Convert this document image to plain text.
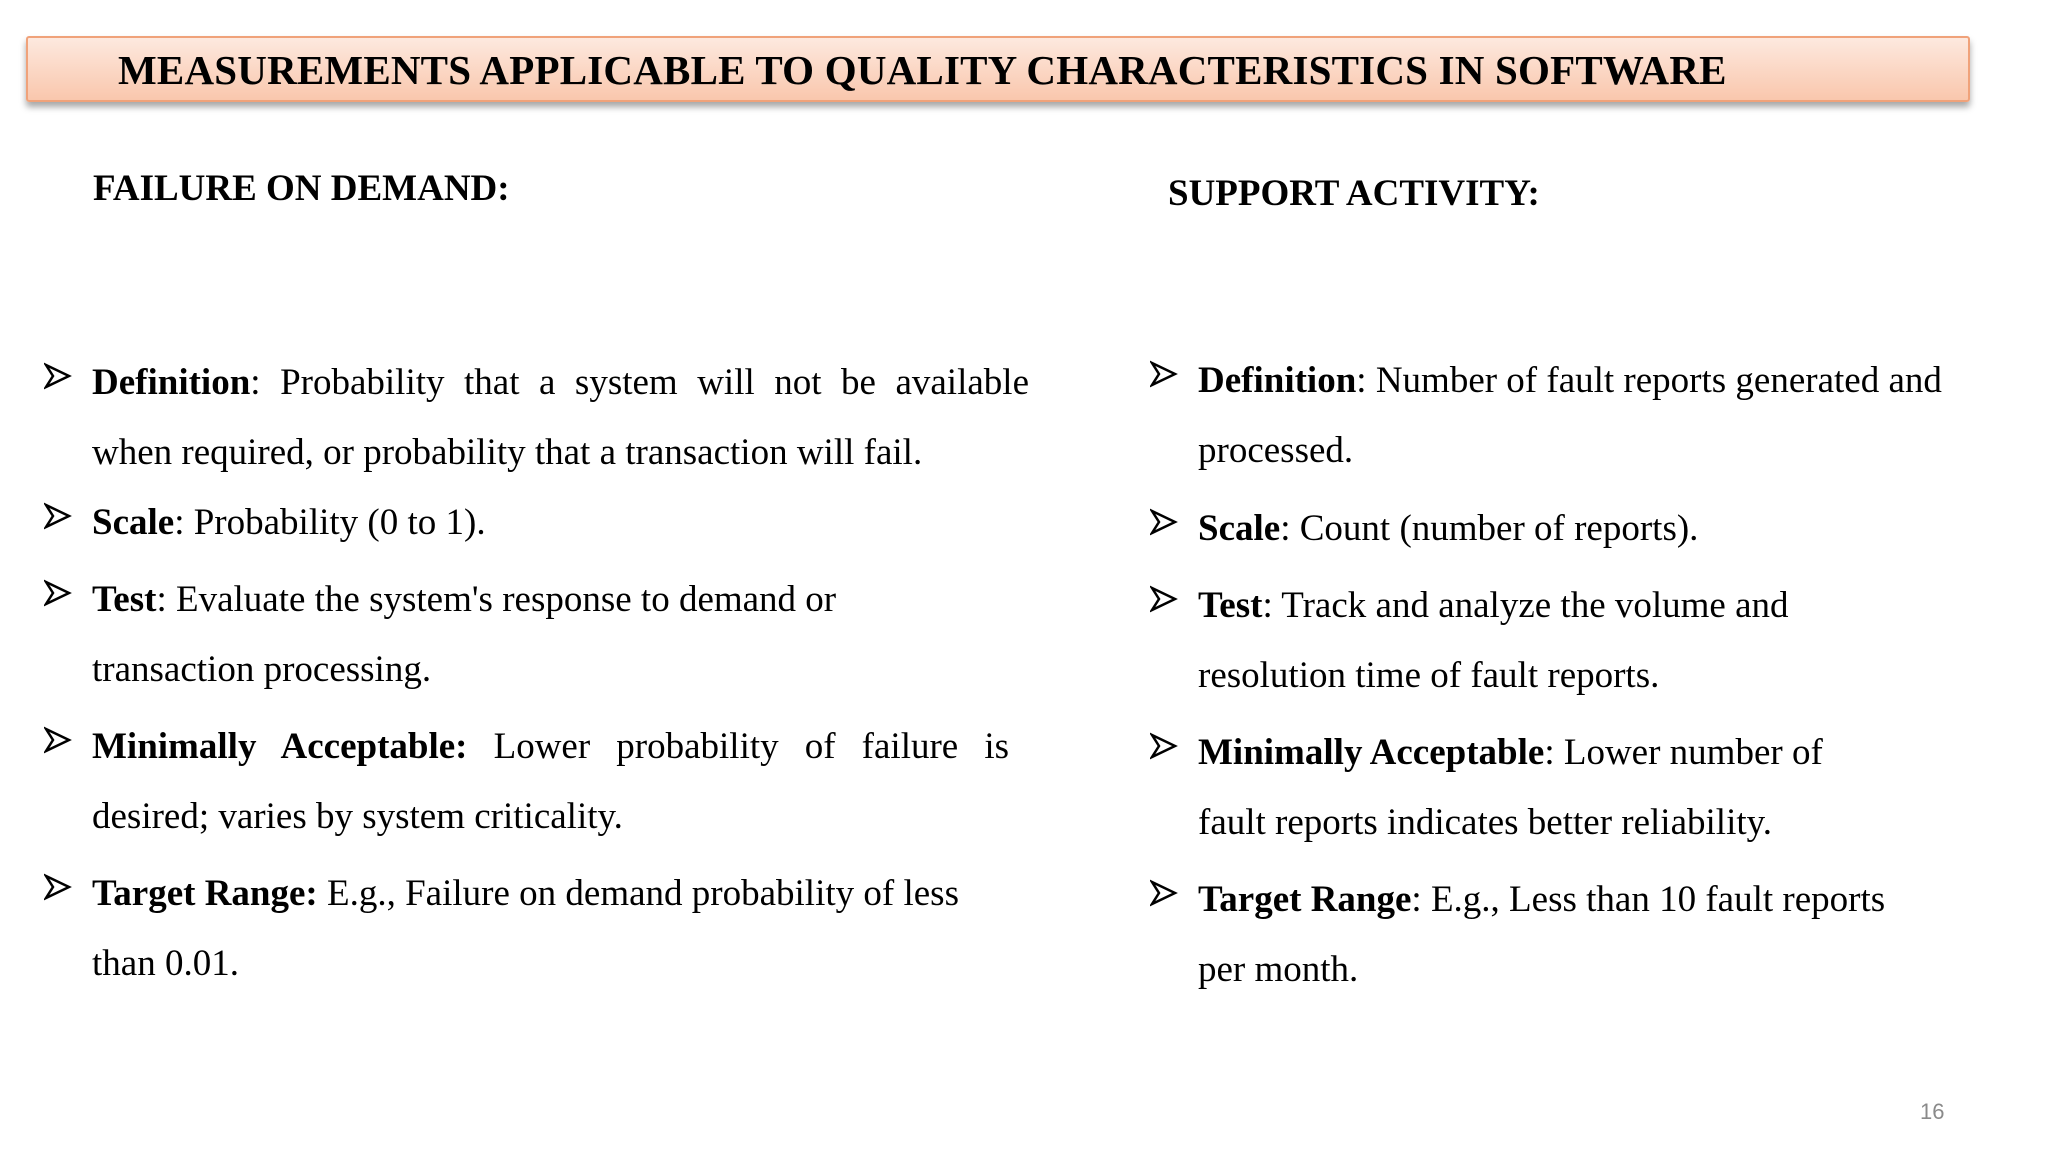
MEASUREMENTS APPLICABLE TO QUALITY CHARACTERISTICS IN SOFTWARE
FAILURE ON DEMAND:
Definition: Probability that a system will not be available when required, or probability that a transaction will fail.
Scale: Probability (0 to 1).
Test: Evaluate the system's response to demand or transaction processing.
Minimally Acceptable: Lower probability of failure is desired; varies by system criticality.
Target Range: E.g., Failure on demand probability of less than 0.01.
SUPPORT ACTIVITY:
Definition: Number of fault reports generated and processed.
Scale: Count (number of reports).
Test: Track and analyze the volume and resolution time of fault reports.
Minimally Acceptable: Lower number of fault reports indicates better reliability.
Target Range: E.g., Less than 10 fault reports per month.
16
